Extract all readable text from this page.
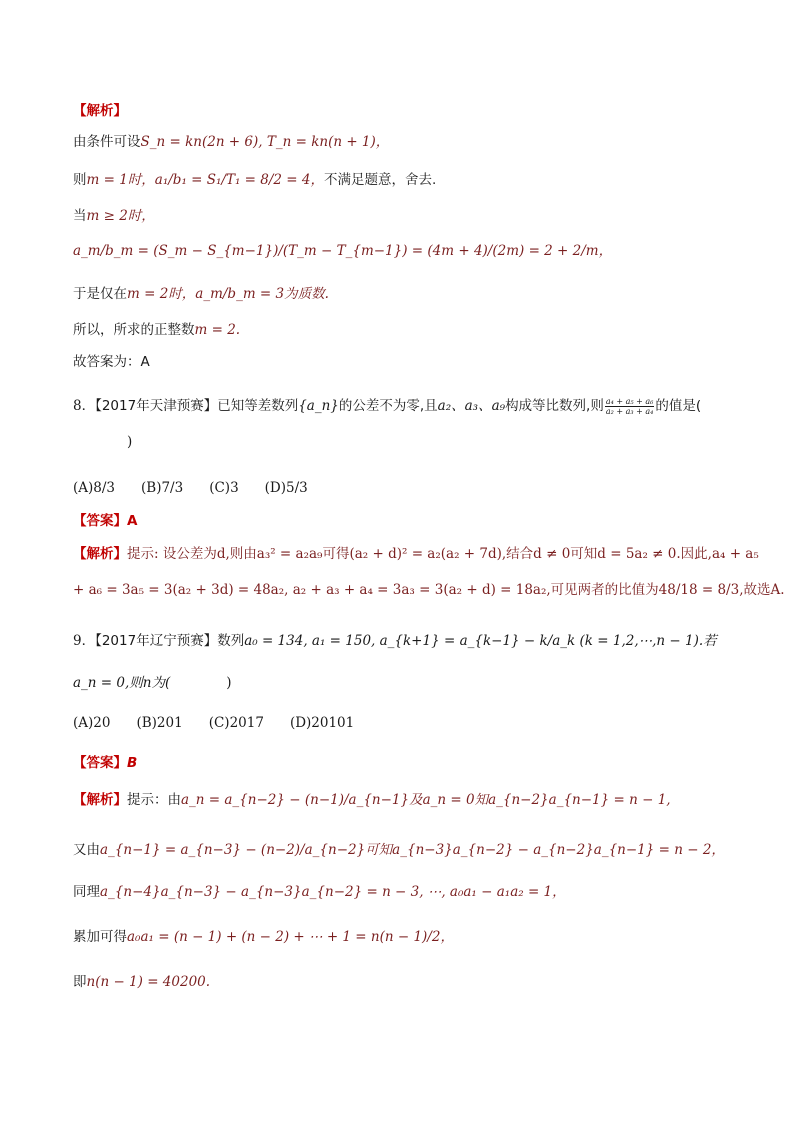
【解析】
由条件可设S_n = kn(2n + 6), T_n = kn(n + 1)，
则m = 1时，a₁/b₁ = S₁/T₁ = 8/2 = 4，不满足题意，舍去.
当m ≥ 2时，
a_m/b_m = (S_m − S_{m−1})/(T_m − T_{m−1}) = (4m + 4)/(2m) = 2 + 2/m，
于是仅在m = 2时，a_m/b_m = 3为质数.
所以，所求的正整数m = 2.
故答案为：A
8．【2017年天津预赛】已知等差数列{a_n}的公差不为零,且a₂、a₃、a₉构成等比数列,则 $\frac{\text{a₄ + a₅ + a₆}}{\text{a₂ + a₃ + a₄}}$ 的值是(
)
(A)8/3 (B)7/3 (C)3 (D)5/3
【答案】A
【解析】提示: 设公差为d,则由a₃² = a₂a₉可得(a₂ + d)² = a₂(a₂ + 7d),结合d ≠ 0可知d = 5a₂ ≠ 0.因此,a₄ + a₅
+ a₆ = 3a₅ = 3(a₂ + 3d) = 48a₂, a₂ + a₃ + a₄ = 3a₃ = 3(a₂ + d) = 18a₂,可见两者的比值为48/18 = 8/3,故选A.
9．【2017年辽宁预赛】数列a₀ = 134, a₁ = 150, a_{k+1} = a_{k−1} − k/a_k (k = 1,2,⋯,n − 1).若
a_n = 0,则n为(	)
(A)20 (B)201 (C)2017 (D)20101
【答案】B
【解析】提示：由a_n = a_{n−2} − (n−1)/a_{n−1}及a_n = 0知a_{n−2}a_{n−1} = n − 1,
又由a_{n−1} = a_{n−3} − (n−2)/a_{n−2}可知a_{n−3}a_{n−2} − a_{n−2}a_{n−1} = n − 2，
同理a_{n−4}a_{n−3} − a_{n−3}a_{n−2} = n − 3, ⋯, a₀a₁ − a₁a₂ = 1，
累加可得a₀a₁ = (n − 1) + (n − 2) + ⋯ + 1 = n(n − 1)/2，
即n(n − 1) = 40200.
